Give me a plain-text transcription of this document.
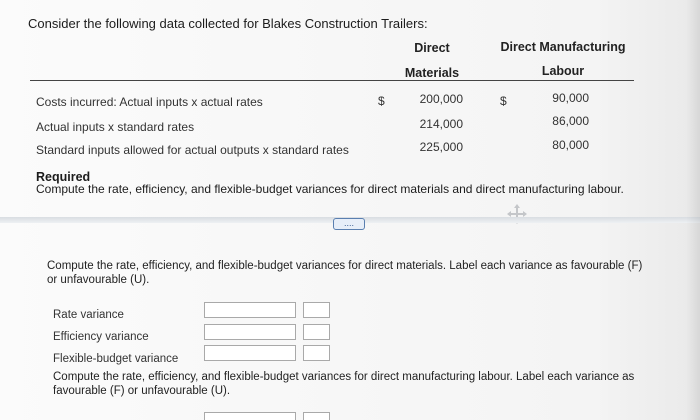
Consider the following data collected for Blakes Construction Trailers:
Direct
Materials
Direct Manufacturing
Labour
Costs incurred: Actual inputs x actual rates	$	200,000	$	90,000
Actual inputs x standard rates	214,000	86,000
Standard inputs allowed for actual outputs x standard rates	225,000	80,000
Required
Compute the rate, efficiency, and flexible-budget variances for direct materials and direct manufacturing labour.
....
Compute the rate, efficiency, and flexible-budget variances for direct materials. Label each variance as favourable (F) or unfavourable (U).
Rate variance
Efficiency variance
Flexible-budget variance
Compute the rate, efficiency, and flexible-budget variances for direct manufacturing labour. Label each variance as favourable (F) or unfavourable (U).
